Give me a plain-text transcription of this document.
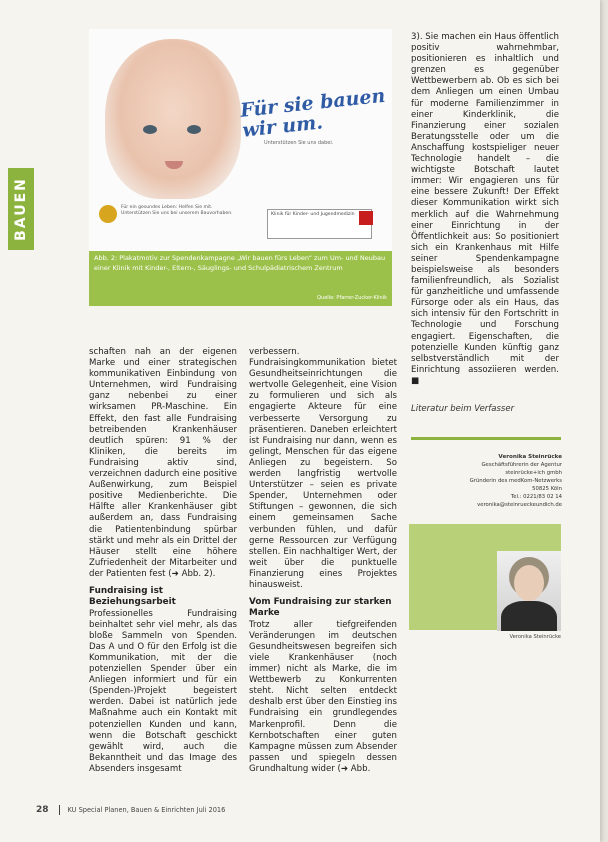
BAUEN
Für sie bauen wir um.
Unterstützen Sie uns dabei.
Für ein gesundes Leben: Helfen Sie mit. Unterstützen Sie uns bei unserem Bauvorhaben.	Klinik für Kinder- und Jugendmedizin
Abb. 2: Plakatmotiv zur Spendenkampagne „Wir bauen fürs Leben“ zum Um- und Neubau einer Klinik mit Kinder-, Eltern-, Säuglings- und Schulpädiatrischem Zentrum
Quelle: Pfarrer-Zucker-Klinik

schaften nah an der eigenen Marke und einer strategischen kommunikativen Einbindung von Unternehmen, wird Fundraising ganz nebenbei zu einer wirksamen PR-Maschine. Ein Effekt, den fast alle Fundraising betreibenden Krankenhäuser deutlich spüren: 91 % der Kliniken, die bereits im Fundraising aktiv sind, verzeichnen dadurch eine positive Außenwirkung, zum Beispiel positive Medienberichte. Die Hälfte aller Krankenhäuser gibt außerdem an, dass Fundraising die Patientenbindung spürbar stärkt und mehr als ein Drittel der Häuser stellt eine höhere Zufriedenheit der Mitarbeiter und der Patienten fest (➜ Abb. 2).

Fundraising ist Beziehungsarbeit

Professionelles Fundraising beinhaltet sehr viel mehr, als das bloße Sammeln von Spenden. Das A und O für den Erfolg ist die Kommunikation, mit der die potenziellen Spender über ein Anliegen informiert und für ein (Spenden-)Projekt begeistert werden. Dabei ist natürlich jede Maßnahme auch ein Kontakt mit potenziellen Kunden und kann, wenn die Botschaft geschickt gewählt wird, auch die Bekanntheit und das Image des Absenders insgesamt

verbessern. Fundraisingkommunikation bietet Gesundheitseinrichtungen die wertvolle Gelegenheit, eine Vision zu formulieren und sich als engagierte Akteure für eine verbesserte Versorgung zu präsentieren. Daneben erleichtert ist Fundraising nur dann, wenn es gelingt, Menschen für das eigene Anliegen zu begeistern. So werden langfristig wertvolle Unterstützer – seien es private Spender, Unternehmen oder Stiftungen – gewonnen, die sich einem gemeinsamen Sache verbunden fühlen, und dafür gerne Ressourcen zur Verfügung stellen. Ein nachhaltiger Wert, der weit über die punktuelle Finanzierung eines Projektes hinausweist.

Vom Fundraising zur starken Marke

Trotz aller tiefgreifenden Veränderungen im deutschen Gesundheitswesen begreifen sich viele Krankenhäuser (noch immer) nicht als Marke, die im Wettbewerb zu Konkurrenten steht. Nicht selten entdeckt deshalb erst über den Einstieg ins Fundraising ein grundlegendes Markenprofil. Denn die Kernbotschaften einer guten Kampagne müssen zum Absender passen und spiegeln dessen Grundhaltung wider (➜ Abb.

3). Sie machen ein Haus öffentlich positiv wahrnehmbar, positionieren es inhaltlich und grenzen es gegenüber Wettbewerbern ab. Ob es sich bei dem Anliegen um einen Umbau für moderne Familienzimmer in einer Kinderklinik, die Finanzierung einer sozialen Beratungsstelle oder um die Anschaffung kostspieliger neuer Technologie handelt – die wichtigste Botschaft lautet immer: Wir engagieren uns für eine bessere Zukunft! Der Effekt dieser Kommunikation wirkt sich merklich auf die Wahrnehmung einer Einrichtung in der Öffentlichkeit aus: So positioniert sich ein Krankenhaus mit Hilfe seiner Spendenkampagne beispielsweise als besonders familienfreundlich, als Sozialist für ganzheitliche und umfassende Fürsorge oder als ein Haus, das sich intensiv für den Fortschritt in Technologie und Forschung engagiert. Eigenschaften, die potenzielle Kunden künftig ganz selbstverständlich mit der Einrichtung assoziieren werden. ■

Literatur beim Verfasser
Veronika Steinrücke
Geschäftsführerin der Agentur
steinrücke+ich gmbh
Gründerin des medKom-Netzwerks
50825 Köln
Tel.: 0221/83 02 14
veronika@steinrueckeundich.de
Veronika Steinrücke
28	KU Special Planen, Bauen & Einrichten Juli 2016
